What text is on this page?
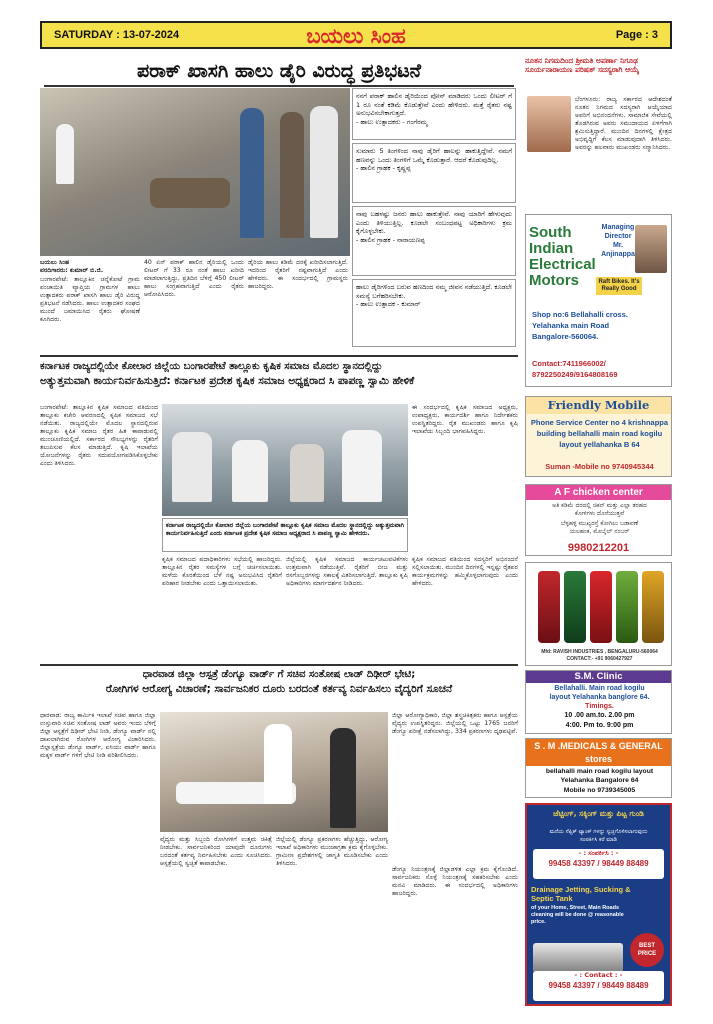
SATURDAY : 13-07-2024	ಬಯಲು ಸಿಂಹ	Page : 3
ಪರಾಕ್ ಖಾಸಗಿ ಹಾಲು ಡೈರಿ ವಿರುದ್ಧ ಪ್ರತಿಭಟನೆ
ನನಗೆ ಪರಾಕ್ ಹಾಲಿನ ಡೈರಿಯಿಂದ ಪೋನ್ ಮಾಡಿದರು ಒಂದು ಲೀಟರ್ ಗೆ 1 ರೂ ನಂತೆ ಕಡಿಮೆ ಕೊಡುತ್ತೇವೆ ಎಂದು ಹೇಳಿದರು. ಮತ್ತೆ ರೈತರು ನಷ್ಟ ಅನುಭವಿಸಬೇಕಾಗುತ್ತದೆ.
- ಹಾಲು ಉತ್ಪಾದಕರು - ಗಂಗೆರಮ್ಮ
ಸುಮಾರು 5 ತಿಂಗಳಿಂದ ನಾವು ಡೈರಿಗೆ ಹಾಲನ್ನು ಹಾಕುತ್ತಿದ್ದೇವೆ. ನಮಗೆ ಹಣವನ್ನು ಒಂದು ತಿಂಗಳಿಗೆ ಒಮ್ಮೆ ಕೊಡುತ್ತಾರೆ. ಆದರೆ ಕೊಡುವುದಿಲ್ಲ.
- ಹಾಲಿನ ಗ್ರಾಹಕ - ಕೃಷ್ಣಪ್ಪ
ನಾವು ಬಹಳಷ್ಟು ಜನರು ಹಾಲು ಹಾಕುತ್ತೇವೆ. ನಾವು ಯಾರಿಗೆ ಹೇಳುವುದು ಎಂದು ತಿಳಿಯುತ್ತಿಲ್ಲ. ಕೂಡಲೇ ಸಂಬಂಧಪಟ್ಟ ಅಧಿಕಾರಿಗಳು ಕ್ರಮ ಕೈಗೊಳ್ಳಬೇಕು.
- ಹಾಲಿನ ಗ್ರಾಹಕ - ನಾರಾಯಣಪ್ಪ
ಹಾಲು ಡೈರಿಗಳಿಂದ ಬರುವ ಹಣದಿಂದ ನಮ್ಮ ಜೀವನ ನಡೆಯುತ್ತಿದೆ. ಕೂಡಲೇ ಸಮಸ್ಯೆ ಬಗೆಹರಿಸಬೇಕು.
- ಹಾಲು ಉತ್ಪಾದಕ - ಕುಮಾರ್
ಬಯಲು ಸಿಂಹ
ವರದಿಗಾರರು: ಕುಮಾರ್ ಬಿ.ಜಿ.
ಬಂಗಾರಪೇಟೆ: ತಾಲ್ಲೂಕಿನ ಚನ್ನೆಕೋಟೆ ಗ್ರಾಮ ಪಂಚಾಯಿತಿ ವ್ಯಾಪ್ತಿಯ ಗ್ರಾಮಗಳ ಹಾಲು ಉತ್ಪಾದಕರು ಪರಾಕ್ ಖಾಸಗಿ ಹಾಲು ಡೈರಿ ವಿರುದ್ಧ ಪ್ರತಿಭಟನೆ ನಡೆಸಿದರು. ಹಾಲು ಉತ್ಪಾದಕರ ಸಂಘದ ಮುಂದೆ ಜಮಾಯಿಸಿದ ರೈತರು ಘೋಷಣೆ ಕೂಗಿದರು.
40 ಏನ್ ಪರಾಕ್ ಹಾಲಿನ ಡೈರಿಯಲ್ಲಿ ಒಂದು ಲೀಟರ್ ಗೆ 33 ರೂ ನಂತೆ ಹಾಲು ಖರೀದಿ ಮಾಡಲಾಗುತ್ತಿದ್ದು, ಪ್ರತಿದಿನ ಬೆಳಿಗ್ಗೆ 450 ಲೀಟರ್ ಹಾಲು ಸಂಗ್ರಹವಾಗುತ್ತಿದೆ ಎಂದು ರೈತರು ಆರೋಪಿಸಿದರು.
ಡೈರಿಯ ಹಾಲು ಕಡಿಮೆ ದರಕ್ಕೆ ಖರೀದಿಸಲಾಗುತ್ತಿದೆ. ಇದರಿಂದ ರೈತರಿಗೆ ನಷ್ಟವಾಗುತ್ತಿದೆ ಎಂದು ಹೇಳಿದರು. ಈ ಸಂದರ್ಭದಲ್ಲಿ ಗ್ರಾಮಸ್ಥರು ಹಾಜರಿದ್ದರು.
ಕರ್ನಾಟಕ ರಾಜ್ಯದಲ್ಲಿಯೇ ಕೋಲಾರ ಜಿಲ್ಲೆಯ ಬಂಗಾರಪೇಟೆ ತಾಲ್ಲೂಕು ಕೃಷಿಕ ಸಮಾಜ ಮೊದಲ ಸ್ಥಾನದಲ್ಲಿದ್ದು
ಅತ್ಯುತ್ತಮವಾಗಿ ಕಾರ್ಯನಿರ್ವಹಿಸುತ್ತಿದೆ: ಕರ್ನಾಟಕ ಪ್ರದೇಶ ಕೃಷಿಕ ಸಮಾಜ ಅಧ್ಯಕ್ಷರಾದ ಸಿ ಪಾಪಣ್ಣ ಸ್ವಾಮಿ ಹೇಳಿಕೆ
ಬಂಗಾರಪೇಟೆ: ತಾಲ್ಲೂಕಿನ ಕೃಷಿಕ ಸಮಾಜದ ವತಿಯಿಂದ ತಾಲ್ಲೂಕು ಕಚೇರಿ ಆವರಣದಲ್ಲಿ ಕೃಷಿಕ ಸಮಾಜದ ಸಭೆ ನಡೆಯಿತು. ರಾಜ್ಯದಲ್ಲಿಯೇ ಮೊದಲ ಸ್ಥಾನದಲ್ಲಿರುವ ತಾಲ್ಲೂಕು ಕೃಷಿಕ ಸಮಾಜ ರೈತರ ಹಿತ ಕಾಪಾಡುವಲ್ಲಿ ಮುಂಚೂಣಿಯಲ್ಲಿದೆ. ಸರ್ಕಾರದ ಸೌಲಭ್ಯಗಳನ್ನು ರೈತರಿಗೆ ತಲುಪಿಸುವ ಕೆಲಸ ಮಾಡುತ್ತಿದೆ. ಕೃಷಿ ಇಲಾಖೆಯ ಯೋಜನೆಗಳನ್ನು ರೈತರು ಸದುಪಯೋಗಪಡಿಸಿಕೊಳ್ಳಬೇಕು ಎಂದು ತಿಳಿಸಿದರು.
ಕರ್ನಾಟಕ ರಾಜ್ಯದಲ್ಲಿಯೇ ಕೋಲಾರ ಜಿಲ್ಲೆಯ ಬಂಗಾರಪೇಟೆ ತಾಲ್ಲೂಕು ಕೃಷಿಕ ಸಮಾಜ ಮೊದಲ ಸ್ಥಾನದಲ್ಲಿದ್ದು ಅತ್ಯುತ್ತಮವಾಗಿ ಕಾರ್ಯನಿರ್ವಹಿಸುತ್ತಿದೆ ಎಂದು ಕರ್ನಾಟಕ ಪ್ರದೇಶ ಕೃಷಿಕ ಸಮಾಜ ಅಧ್ಯಕ್ಷರಾದ ಸಿ ಪಾಪಣ್ಣ ಸ್ವಾಮಿ ಹೇಳಿದರು.
ಕೃಷಿಕ ಸಮಾಜದ ಪದಾಧಿಕಾರಿಗಳು ಸಭೆಯಲ್ಲಿ ಹಾಜರಿದ್ದರು. ತಾಲ್ಲೂಕಿನ ರೈತರ ಸಮಸ್ಯೆಗಳ ಬಗ್ಗೆ ಚರ್ಚಿಸಲಾಯಿತು. ಮಳೆಯ ಕೊರತೆಯಿಂದ ಬೆಳೆ ನಷ್ಟ ಅನುಭವಿಸಿದ ರೈತರಿಗೆ ಪರಿಹಾರ ನೀಡಬೇಕು ಎಂದು ಒತ್ತಾಯಿಸಲಾಯಿತು.
ಜಿಲ್ಲೆಯಲ್ಲಿ ಕೃಷಿಕ ಸಮಾಜದ ಕಾರ್ಯಚಟುವಟಿಕೆಗಳು ಉತ್ತಮವಾಗಿ ನಡೆಯುತ್ತಿವೆ. ರೈತರಿಗೆ ಬೀಜ ಮತ್ತು ರಸಗೊಬ್ಬರಗಳನ್ನು ಸಕಾಲಕ್ಕೆ ವಿತರಿಸಲಾಗುತ್ತಿದೆ. ತಾಲ್ಲೂಕು ಕೃಷಿ ಅಧಿಕಾರಿಗಳು ಮಾರ್ಗದರ್ಶನ ನೀಡಿದರು.
ಈ ಸಂದರ್ಭದಲ್ಲಿ ಕೃಷಿಕ ಸಮಾಜದ ಅಧ್ಯಕ್ಷರು, ಉಪಾಧ್ಯಕ್ಷರು, ಕಾರ್ಯದರ್ಶಿ ಹಾಗೂ ನಿರ್ದೇಶಕರು ಉಪಸ್ಥಿತರಿದ್ದರು. ರೈತ ಮುಖಂಡರು ಹಾಗೂ ಕೃಷಿ ಇಲಾಖೆಯ ಸಿಬ್ಬಂದಿ ಭಾಗವಹಿಸಿದ್ದರು.
ಕೃಷಿಕ ಸಮಾಜದ ವತಿಯಿಂದ ಸದಸ್ಯರಿಗೆ ಅಭಿನಂದನೆ ಸಲ್ಲಿಸಲಾಯಿತು. ಮುಂದಿನ ದಿನಗಳಲ್ಲಿ ಇನ್ನಷ್ಟು ರೈತಪರ ಕಾರ್ಯಕ್ರಮಗಳನ್ನು ಹಮ್ಮಿಕೊಳ್ಳಲಾಗುವುದು ಎಂದು ಹೇಳಿದರು.
ಧಾರವಾಡ ಜಿಲ್ಲಾ ಆಸ್ಪತ್ರೆ ಡೆಂಗ್ಯೂ ವಾರ್ಡ್ ಗೆ ಸಚಿವ ಸಂತೋಷ ಲಾಡ್ ದಿಢೀರ್ ಭೇಟಿ;
ರೋಗಿಗಳ ಆರೋಗ್ಯ ವಿಚಾರಣೆ; ಸಾರ್ವಜನಿಕರ ದೂರು ಬರದಂತೆ ಕರ್ತವ್ಯ ನಿರ್ವಹಿಸಲು ವೈದ್ಯರಿಗೆ ಸೂಚನೆ
ಧಾರವಾಡ: ರಾಜ್ಯ ಕಾರ್ಮಿಕ ಇಲಾಖೆ ಸಚಿವ ಹಾಗೂ ಜಿಲ್ಲಾ ಉಸ್ತುವಾರಿ ಸಚಿವ ಸಂತೋಷ ಲಾಡ್ ಅವರು ಇಂದು ಬೆಳಿಗ್ಗೆ ಜಿಲ್ಲಾ ಆಸ್ಪತ್ರೆಗೆ ದಿಢೀರ್ ಭೇಟಿ ನೀಡಿ, ಡೆಂಗ್ಯೂ ವಾರ್ಡ್ ನಲ್ಲಿ ದಾಖಲಾಗಿರುವ ರೋಗಿಗಳ ಆರೋಗ್ಯ ವಿಚಾರಿಸಿದರು. ಜಿಲ್ಲಾಸ್ಪತ್ರೆಯ ಡೆಂಗ್ಯೂ ವಾರ್ಡ್, ಐಸಿಯು ವಾರ್ಡ್ ಹಾಗೂ ಮಕ್ಕಳ ವಾರ್ಡ್ ಗಳಿಗೆ ಭೇಟಿ ನೀಡಿ ಪರಿಶೀಲಿಸಿದರು.
ವೈದ್ಯರು ಮತ್ತು ಸಿಬ್ಬಂದಿ ರೋಗಿಗಳಿಗೆ ಉತ್ತಮ ಚಿಕಿತ್ಸೆ ನೀಡಬೇಕು. ಸಾರ್ವಜನಿಕರಿಂದ ಯಾವುದೇ ದೂರುಗಳು ಬರದಂತೆ ಕರ್ತವ್ಯ ನಿರ್ವಹಿಸಬೇಕು ಎಂದು ಸೂಚಿಸಿದರು. ಆಸ್ಪತ್ರೆಯಲ್ಲಿ ಸ್ವಚ್ಛತೆ ಕಾಪಾಡಬೇಕು.
ಜಿಲ್ಲೆಯಲ್ಲಿ ಡೆಂಗ್ಯೂ ಪ್ರಕರಣಗಳು ಹೆಚ್ಚುತ್ತಿದ್ದು, ಆರೋಗ್ಯ ಇಲಾಖೆ ಅಧಿಕಾರಿಗಳು ಮುಂಜಾಗ್ರತಾ ಕ್ರಮ ಕೈಗೊಳ್ಳಬೇಕು. ಗ್ರಾಮೀಣ ಪ್ರದೇಶಗಳಲ್ಲಿ ಜಾಗೃತಿ ಮೂಡಿಸಬೇಕು ಎಂದು ತಿಳಿಸಿದರು.
ಜಿಲ್ಲಾ ಆರೋಗ್ಯಾಧಿಕಾರಿ, ಜಿಲ್ಲಾ ಶಸ್ತ್ರಚಿಕಿತ್ಸಕರು ಹಾಗೂ ಆಸ್ಪತ್ರೆಯ ವೈದ್ಯರು ಉಪಸ್ಥಿತರಿದ್ದರು. ಜಿಲ್ಲೆಯಲ್ಲಿ ಒಟ್ಟು 1765 ಜನರಿಗೆ ಡೆಂಗ್ಯೂ ಪರೀಕ್ಷೆ ನಡೆಸಲಾಗಿದ್ದು, 334 ಪ್ರಕರಣಗಳು ದೃಢಪಟ್ಟಿವೆ.
ಡೆಂಗ್ಯೂ ನಿಯಂತ್ರಣಕ್ಕೆ ಜಿಲ್ಲಾಡಳಿತ ಎಲ್ಲಾ ಕ್ರಮ ಕೈಗೊಂಡಿದೆ. ಸಾರ್ವಜನಿಕರು ಸೊಳ್ಳೆ ನಿಯಂತ್ರಣಕ್ಕೆ ಸಹಕರಿಸಬೇಕು ಎಂದು ಮನವಿ ಮಾಡಿದರು. ಈ ಸಂದರ್ಭದಲ್ಲಿ ಅಧಿಕಾರಿಗಳು ಹಾಜರಿದ್ದರು.
ನೂತನ ನಿಗಮದಿಂದ ಶ್ರೀಮತಿ ಅಪರ್ಣಾ ನಿಗೂಢ ಸೂರ್ಯನಾರಾಯಣ ಪರಿಷತ್ ಸದಸ್ಯರಾಗಿ ಆಯ್ಕೆ
ಬೆಂಗಳೂರು: ರಾಜ್ಯ ಸರ್ಕಾರದ ಆದೇಶದಂತೆ ನೂತನ ನಿಗಮದ ಸದಸ್ಯರಾಗಿ ಆಯ್ಕೆಯಾದ ಅವರಿಗೆ ಅಭಿನಂದನೆಗಳು. ಸಾಮಾಜಿಕ ಸೇವೆಯಲ್ಲಿ ತೊಡಗಿರುವ ಅವರು ಸಮುದಾಯದ ಏಳಿಗೆಗಾಗಿ ಶ್ರಮಿಸುತ್ತಿದ್ದಾರೆ. ಮುಂದಿನ ದಿನಗಳಲ್ಲಿ ಕ್ಷೇತ್ರದ ಅಭಿವೃದ್ಧಿಗೆ ಕೆಲಸ ಮಾಡುವುದಾಗಿ ತಿಳಿಸಿದರು. ಅವರನ್ನು ಹಲವಾರು ಮುಖಂಡರು ಸನ್ಮಾನಿಸಿದರು.
South Indian Electrical Motors
Managing Director
Mr. Anjinappa
Raft Bikes. It's Really Good
Shop no:6 Bellahalli cross. Yelahanka main Road Bangalore-560064.
Contact:7411966002/ 8792250249/9164808169
Friendly Mobile
Phone Service Center no 4 krishnappa building bellahalli main road kogilu layout yellahanka B 64
Suman -Mobile no 9740945344
A F chicken center
ಅತಿ ಕಡಿಮೆ ದರದಲ್ಲಿ ಚಿಕನ್ ಮತ್ತು ಎಲ್ಲಾ ತರಹದ
ಕೋಳಿಗಳು ದೊರೆಯುತ್ತವೆ
ಬೆಳ್ಳಹಳ್ಳಿ ಮುಖ್ಯರಸ್ತೆ ಕೋಗಿಲು ಬಡಾವಣೆ
ಯಲಹಂಕ, ಮೊಬೈಲ್ ನಂಬರ್
9980212201
Mfd: RAVISH INDUSTRIES , BENGALURU-560064
CONTACT:- +91 9060427927
S.M. Clinic
Bellahalli. Main road kogilu
layout Yelahanka banglore 64.
Timings.
10 .00 am.to. 2.00 pm
4:00. Pm to. 9:00 pm
S . M .MEDICALS & GENERAL stores
bellahalli main road kogilu layout
Yelahanka Bangalore 64
Mobile no 9739345005
ಜೆಟ್ಟಿಂಗ್, ಸಕ್ಕಿಂಗ್ ಮತ್ತು ಪಿಟ್ಟ ಗುಂಡಿ
ಮನೆಯ ಸೆಪ್ಟಿಕ್ ಟ್ಯಾಂಕ್ ಗಳನ್ನು ಸ್ವಚ್ಛಗೊಳಿಸಲಾಗುವುದು
ಸಂಪರ್ಕಿಸಿ ಕರೆ ಮಾಡಿ
- : ಸಂಪರ್ಕಿಸಿ : -
99458 43397 / 98449 88489
Drainage Jetting, Sucking & Septic Tank
of your Home, Street, Main Roads cleaning will be done @ reasonable price.
BEST PRICE
- : Contact : -
99458 43397 / 98449 88489
